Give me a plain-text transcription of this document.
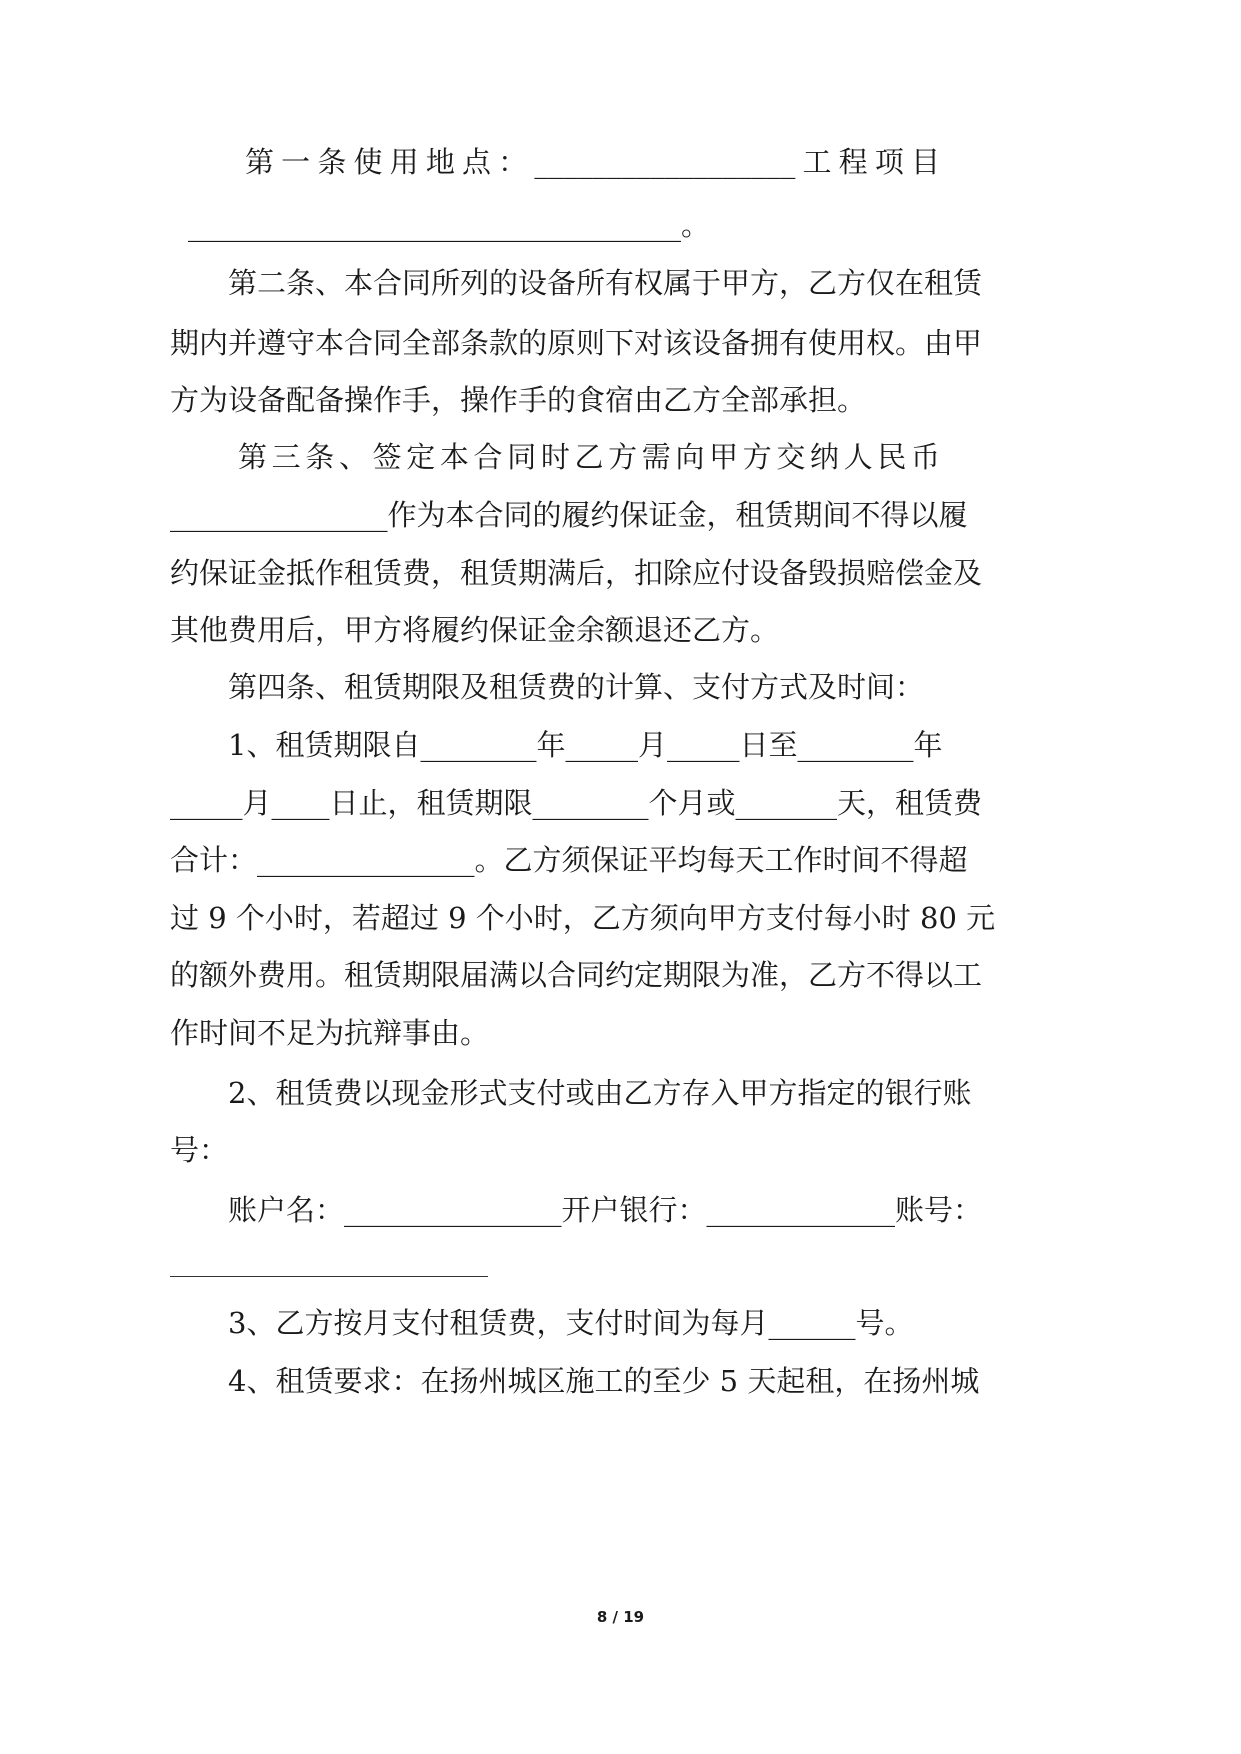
第一条使用地点：__________________工程项目
__________________________________。
第二条、本合同所列的设备所有权属于甲方，乙方仅在租赁
期内并遵守本合同全部条款的原则下对该设备拥有使用权。由甲
方为设备配备操作手，操作手的食宿由乙方全部承担。
第三条、签定本合同时乙方需向甲方交纳人民币
_______________作为本合同的履约保证金，租赁期间不得以履
约保证金抵作租赁费，租赁期满后，扣除应付设备毁损赔偿金及
其他费用后，甲方将履约保证金余额退还乙方。
第四条、租赁期限及租赁费的计算、支付方式及时间：
1、租赁期限自________年_____月_____日至________年
_____月____日止，租赁期限________个月或_______天，租赁费
合计：_______________。乙方须保证平均每天工作时间不得超
过 9 个小时，若超过 9 个小时，乙方须向甲方支付每小时 80 元
的额外费用。租赁期限届满以合同约定期限为准，乙方不得以工
作时间不足为抗辩事由。
2、租赁费以现金形式支付或由乙方存入甲方指定的银行账
号：
账户名：_______________开户银行：_____________账号：
3、乙方按月支付租赁费，支付时间为每月______号。
4、租赁要求：在扬州城区施工的至少 5 天起租，在扬州城
8 / 19
